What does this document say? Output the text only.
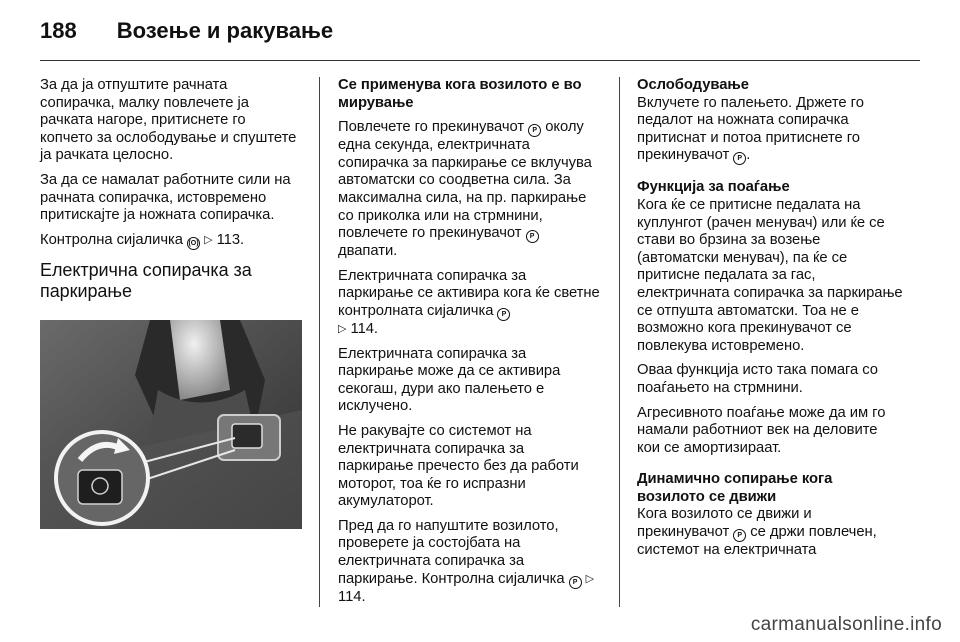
188 Возење и ракување

За да ја отпуштите рачната сопирачка, малку повлечете ја рачката нагоре, притиснете го копчето за ослободување и спуштете ја рачката целосно.

За да се намалат работните сили на рачната сопирачка, истовремено притискајте ја ножната сопирачка.

Контролна сијаличка (O) ▷ 113.

Електрична сопирачка за паркирање

Се применува кога возилото е во мирување

Повлечете го прекинувачот P околу една секунда, електричната сопирачка за паркирање се вклучува автоматски со соодветна сила. За максимална сила, на пр. паркирање со приколка или на стрмнини, повлечете го прекинувачот P двапати.

Електричната сопирачка за паркирање се активира кога ќе светне контролната сијаличка P
▷ 114.

Електричната сопирачка за паркирање може да се активира секогаш, дури ако палењето е исклучено.

Не ракувајте со системот на електричната сопирачка за паркирање пречесто без да работи моторот, тоа ќе го испразни акумулаторот.

Пред да го напуштите возилото, проверете ја состојбата на електричната сопирачка за паркирање. Контролна сијаличка P ▷ 114.

Ослободување

Вклучете го палењето. Држете го педалот на ножната сопирачка притиснат и потоа притиснете го прекинувачот P .

Функција за поаѓање

Кога ќе се притисне педалата на куплунгот (рачен менувач) или ќе се стави во брзина за возење (автоматски менувач), па ќе се притисне педалата за гас, електричната сопирачка за паркирање се отпушта автоматски. Тоа не е возможно кога прекинувачот се повлекува истовремено.

Оваа функција исто така помага со поаѓањето на стрмнини.

Агресивното поаѓање може да им го намали работниот век на деловите кои се амортизираат.

Динамично сопирање кога возилото се движи

Кога возилото се движи и прекинувачот P се држи повлечен, системот на електричната

carmanualsonline.info
